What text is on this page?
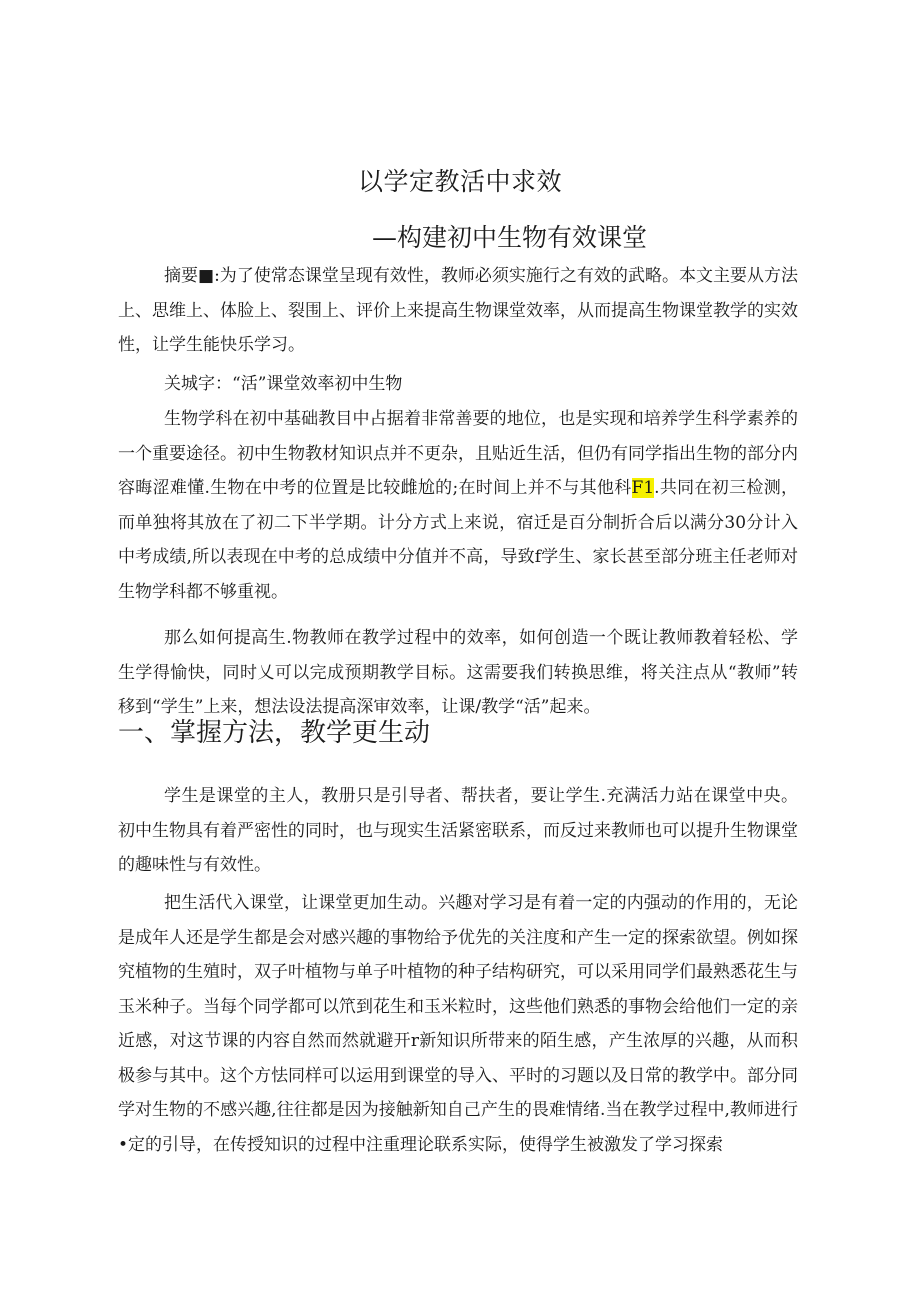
以学定教活中求效
—构建初中生物有效课堂

摘要■:为了使常态课堂呈现有效性，教师必须实施行之有效的武略。本文主要从方法上、思维上、体脸上、裂围上、评价上来提高生物课堂效率，从而提高生物课堂教学的实效性，让学生能快乐学习。

关城字：“活”课堂效率初中生物

生物学科在初中基础教目中占据着非常善要的地位，也是实现和培养学生科学素养的一个重要途径。初中生物教材知识点并不更杂，且贴近生活，但仍有同学指出生物的部分内容晦涩难懂.生物在中考的位置是比较雌尬的;在时间上并不与其他科F1.共同在初三检测，而单独将其放在了初二下半学期。计分方式上来说，宿迁是百分制折合后以满分30分计入中考成绩,所以表现在中考的总成绩中分值并不高，导致f学生、家长甚至部分班主任老师对生物学科都不够重视。

那么如何提高生.物教师在教学过程中的效率，如何创造一个既让教师教着轻松、学生学得愉快，同时乂可以完成预期教学目标。这需要我们转换思维，将关注点从“教师”转移到“学生”上来，想法设法提高深审效率，让课/教学“活”起来。

一、掌握方法，教学更生动

学生是课堂的主人，教册只是引导者、帮扶者，要让学生.充满活力站在课堂中央。初中生物具有着严密性的同时，也与现实生活紧密联系，而反过来教师也可以提升生物课堂的趣味性与有效性。

把生活代入课堂，让课堂更加生动。兴趣对学习是有着一定的内强动的作用的，无论是成年人还是学生都是会对感兴趣的事物给予优先的关注度和产生一定的探索欲望。例如探究植物的生殖时，双子叶植物与单子叶植物的种子结构研究，可以采用同学们最熟悉花生与玉米种子。当每个同学都可以笊到花生和玉米粒时，这些他们熟悉的事物会给他们一定的亲近感，对这节课的内容自然而然就避开r新知识所带来的陌生感，产生浓厚的兴趣，从而积极参与其中。这个方怯同样可以运用到课堂的导入、平时的习题以及日常的教学中。部分同学对生物的不感兴趣,往往都是因为接触新知自己产生的畏难情绪.当在教学过程中,教师进行•定的引导，在传授知识的过程中注重理论联系实际，使得学生被激发了学习探索
